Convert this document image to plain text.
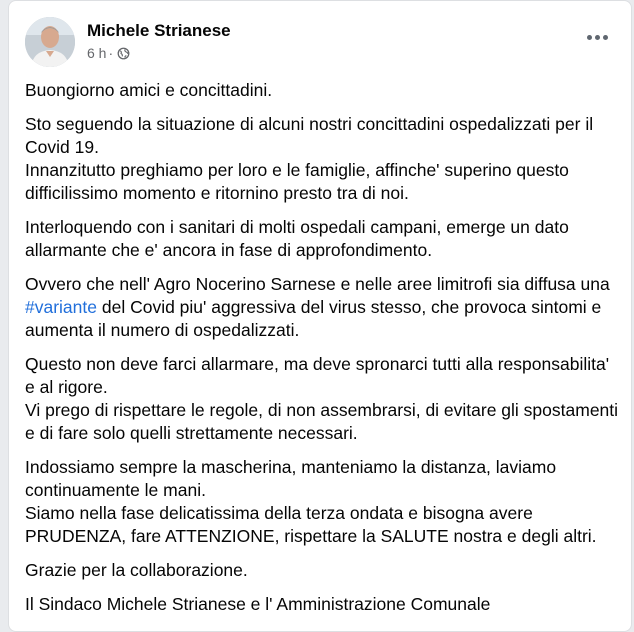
Michele Strianese
6 h ·

Buongiorno amici e concittadini.

Sto seguendo la situazione di alcuni nostri concittadini ospedalizzati per il Covid 19.
Innanzitutto preghiamo per loro e le famiglie, affinche' superino questo difficilissimo momento e ritornino presto tra di noi.

Interloquendo con i sanitari di molti ospedali campani, emerge un dato allarmante che e' ancora in fase di approfondimento.

Ovvero che nell' Agro Nocerino Sarnese e nelle aree limitrofi sia diffusa una #variante del Covid piu' aggressiva del virus stesso, che provoca sintomi e aumenta il numero di ospedalizzati.

Questo non deve farci allarmare, ma deve spronarci tutti alla responsabilita' e al rigore.
Vi prego di rispettare le regole, di non assembrarsi, di evitare gli spostamenti e di fare solo quelli strettamente necessari.

Indossiamo sempre la mascherina, manteniamo la distanza, laviamo continuamente le mani.
Siamo nella fase delicatissima della terza ondata e bisogna avere PRUDENZA, fare ATTENZIONE, rispettare la SALUTE nostra e degli altri.

Grazie per la collaborazione.

Il Sindaco Michele Strianese e l' Amministrazione Comunale
